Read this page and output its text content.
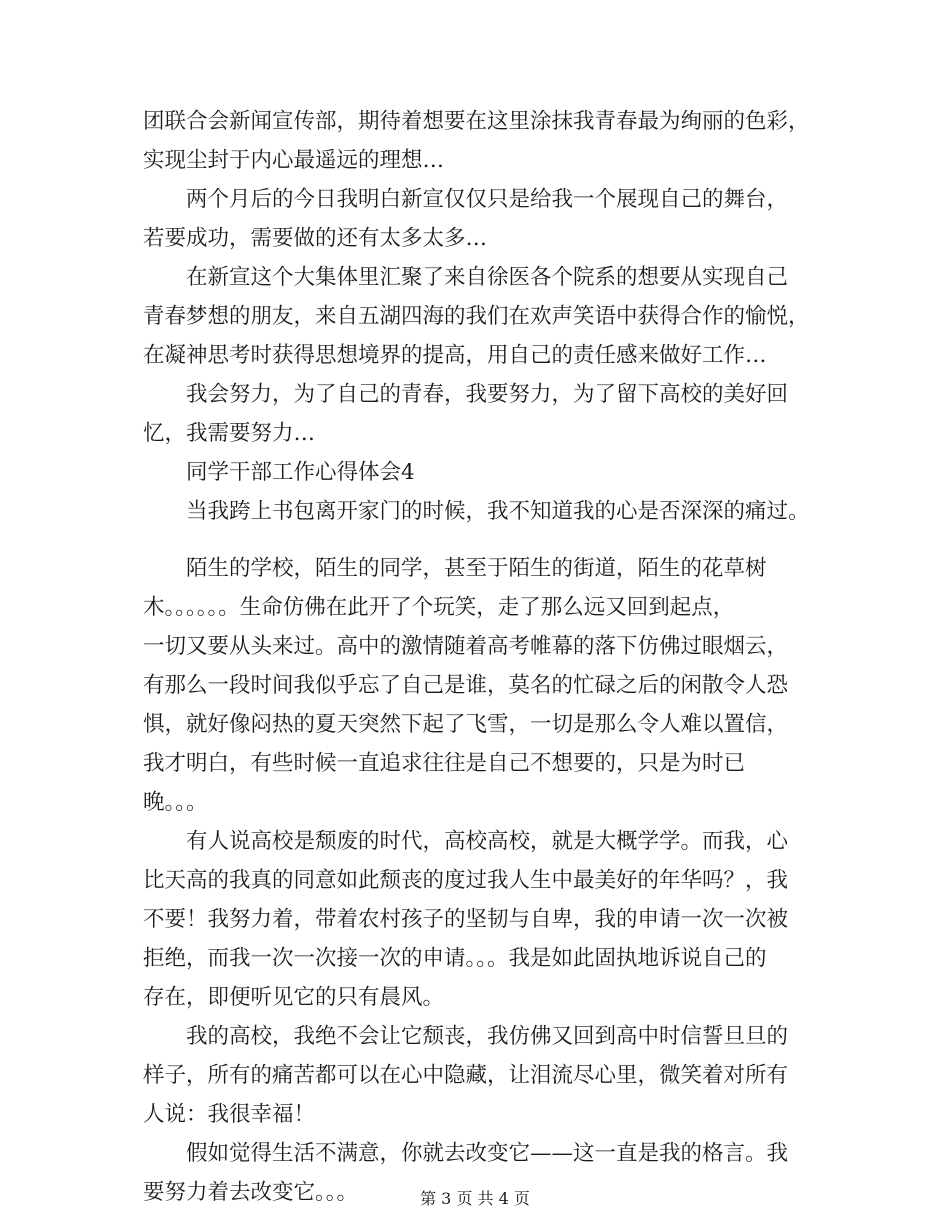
团联合会新闻宣传部，期待着想要在这里涂抹我青春最为绚丽的色彩，
实现尘封于内心最遥远的理想…
两个月后的今日我明白新宣仅仅只是给我一个展现自己的舞台，
若要成功，需要做的还有太多太多…
在新宣这个大集体里汇聚了来自徐医各个院系的想要从实现自己
青春梦想的朋友，来自五湖四海的我们在欢声笑语中获得合作的愉悦，
在凝神思考时获得思想境界的提高，用自己的责任感来做好工作…
我会努力，为了自己的青春，我要努力，为了留下高校的美好回
忆，我需要努力…
同学干部工作心得体会4
当我跨上书包离开家门的时候，我不知道我的心是否深深的痛过。
陌生的学校，陌生的同学，甚至于陌生的街道，陌生的花草树
木。。。。。。生命仿佛在此开了个玩笑，走了那么远又回到起点，
一切又要从头来过。高中的激情随着高考帷幕的落下仿佛过眼烟云，
有那么一段时间我似乎忘了自己是谁，莫名的忙碌之后的闲散令人恐
惧，就好像闷热的夏天突然下起了飞雪，一切是那么令人难以置信，
我才明白，有些时候一直追求往往是自己不想要的，只是为时已
晚。。。
有人说高校是颓废的时代，高校高校，就是大概学学。而我，心
比天高的我真的同意如此颓丧的度过我人生中最美好的年华吗？，我
不要！我努力着，带着农村孩子的坚韧与自卑，我的申请一次一次被
拒绝，而我一次一次接一次的申请。。。我是如此固执地诉说自己的
存在，即便听见它的只有晨风。
我的高校，我绝不会让它颓丧，我仿佛又回到高中时信誓旦旦的
样子，所有的痛苦都可以在心中隐藏，让泪流尽心里，微笑着对所有
人说：我很幸福！
假如觉得生活不满意，你就去改变它——这一直是我的格言。我
要努力着去改变它。。。	第 3 页 共 4 页
